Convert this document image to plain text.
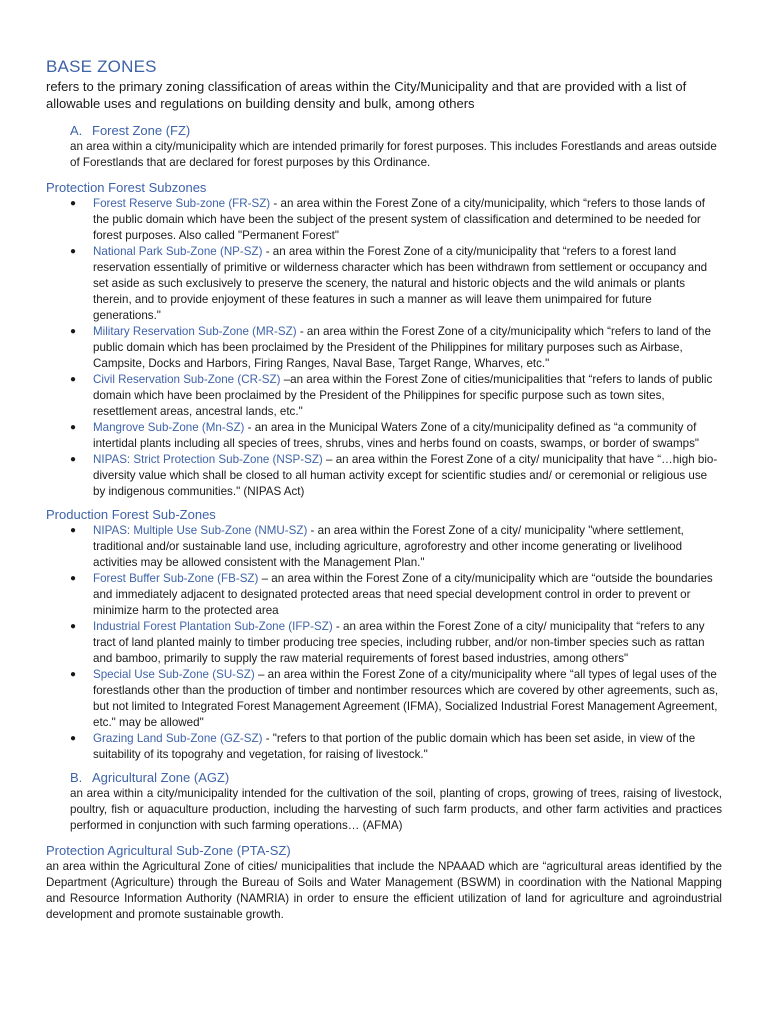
BASE ZONES

refers to the primary zoning classification of areas within the City/Municipality and that are provided with a list of allowable uses and regulations on building density and bulk, among others

A. Forest Zone (FZ)

an area within a city/municipality which are intended primarily for forest purposes. This includes Forestlands and areas outside of Forestlands that are declared for forest purposes by this Ordinance.

Protection Forest Subzones

● Forest Reserve Sub-zone (FR-SZ) - an area within the Forest Zone of a city/municipality, which “refers to those lands of the public domain which have been the subject of the present system of classification and determined to be needed for forest purposes. Also called "Permanent Forest"
● National Park Sub-Zone (NP-SZ) - an area within the Forest Zone of a city/municipality that “refers to a forest land reservation essentially of primitive or wilderness character which has been withdrawn from settlement or occupancy and set aside as such exclusively to preserve the scenery, the natural and historic objects and the wild animals or plants therein, and to provide enjoyment of these features in such a manner as will leave them unimpaired for future generations."
● Military Reservation Sub-Zone (MR-SZ) - an area within the Forest Zone of a city/municipality which “refers to land of the public domain which has been proclaimed by the President of the Philippines for military purposes such as Airbase, Campsite, Docks and Harbors, Firing Ranges, Naval Base, Target Range, Wharves, etc."
● Civil Reservation Sub-Zone (CR-SZ) –an area within the Forest Zone of cities/municipalities that “refers to lands of public domain which have been proclaimed by the President of the Philippines for specific purpose such as town sites, resettlement areas, ancestral lands, etc."
● Mangrove Sub-Zone (Mn-SZ) - an area in the Municipal Waters Zone of a city/municipality defined as “a community of intertidal plants including all species of trees, shrubs, vines and herbs found on coasts, swamps, or border of swamps"
● NIPAS: Strict Protection Sub-Zone (NSP-SZ) – an area within the Forest Zone of a city/ municipality that have “…high bio-diversity value which shall be closed to all human activity except for scientific studies and/ or ceremonial or religious use by indigenous communities." (NIPAS Act)

Production Forest Sub-Zones

● NIPAS: Multiple Use Sub-Zone (NMU-SZ) - an area within the Forest Zone of a city/ municipality "where settlement, traditional and/or sustainable land use, including agriculture, agroforestry and other income generating or livelihood activities may be allowed consistent with the Management Plan."
● Forest Buffer Sub-Zone (FB-SZ) – an area within the Forest Zone of a city/municipality which are “outside the boundaries and immediately adjacent to designated protected areas that need special development control in order to prevent or minimize harm to the protected area
● Industrial Forest Plantation Sub-Zone (IFP-SZ) - an area within the Forest Zone of a city/ municipality that “refers to any tract of land planted mainly to timber producing tree species, including rubber, and/or non-timber species such as rattan and bamboo, primarily to supply the raw material requirements of forest based industries, among others"
● Special Use Sub-Zone (SU-SZ) – an area within the Forest Zone of a city/municipality where “all types of legal uses of the forestlands other than the production of timber and nontimber resources which are covered by other agreements, such as, but not limited to Integrated Forest Management Agreement (IFMA), Socialized Industrial Forest Management Agreement, etc." may be allowed"
● Grazing Land Sub-Zone (GZ-SZ) - "refers to that portion of the public domain which has been set aside, in view of the suitability of its topograhy and vegetation, for raising of livestock."

B. Agricultural Zone (AGZ)

an area within a city/municipality intended for the cultivation of the soil, planting of crops, growing of trees, raising of livestock, poultry, fish or aquaculture production, including the harvesting of such farm products, and other farm activities and practices performed in conjunction with such farming operations… (AFMA)

Protection Agricultural Sub-Zone (PTA-SZ)

an area within the Agricultural Zone of cities/ municipalities that include the NPAAAD which are “agricultural areas identified by the Department (Agriculture) through the Bureau of Soils and Water Management (BSWM) in coordination with the National Mapping and Resource Information Authority (NAMRIA) in order to ensure the efficient utilization of land for agriculture and agroindustrial development and promote sustainable growth.
